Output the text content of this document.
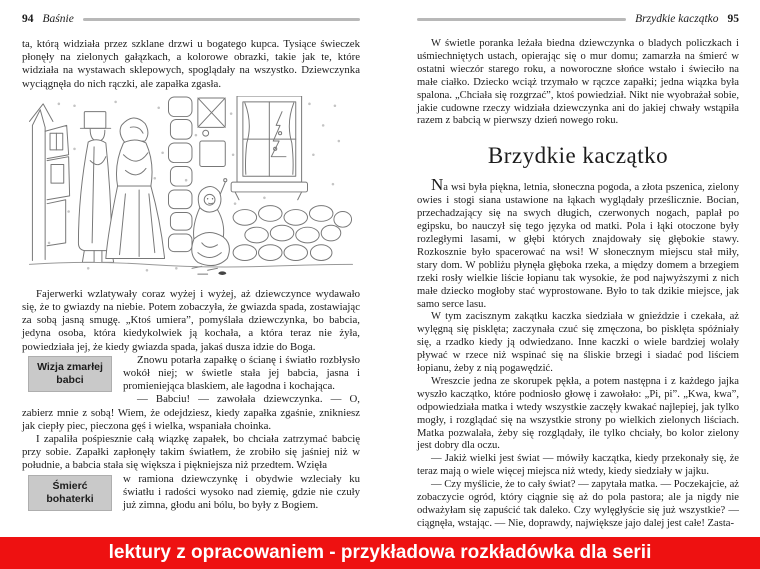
94 Baśnie

ta, którą widziała przez szklane drzwi u bogatego kupca. Tysiące świeczek płonęły na zielonych gałązkach, a kolorowe obrazki, takie jak te, które widziała na wystawach sklepowych, spoglądały na wszystko. Dziewczynka wyciągnęła do nich rączki, ale zapałka zgasła.

Fajerwerki wzlatywały coraz wyżej i wyżej, aż dziewczynce wydawało się, że to gwiazdy na niebie. Potem zobaczyła, że gwiazda spada, zostawiając za sobą jasną smugę. „Ktoś umiera”, pomyślała dziewczynka, bo babcia, jedyna osoba, która kiedykolwiek ją kochała, a która teraz nie żyła, powiedziała jej, że kiedy gwiazda spada, jakaś dusza idzie do Boga.

Wizja zmarłej babci

Znowu potarła zapałkę o ścianę i światło rozbłysło wokół niej; w świetle stała jej babcia, jasna i promieniejąca blaskiem, ale łagodna i kochająca.

— Babciu! — zawołała dziewczynka. — O, zabierz mnie z sobą! Wiem, że odejdziesz, kiedy zapałka zgaśnie, znikniesz jak ciepły piec, pieczona gęś i wielka, wspaniała choinka.

I zapaliła pośpiesznie całą wiązkę zapałek, bo chciała zatrzymać babcię przy sobie. Zapałki zapłonęły takim światłem, że zrobiło się jaśniej niż w południe, a babcia stała się większa i piękniejsza niż przedtem. Wzięła

Śmierć bohaterki

w ramiona dziewczynkę i obydwie wzleciały ku światłu i radości wysoko nad ziemię, gdzie nie czuły już zimna, głodu ani bólu, bo były z Bogiem.

Brzydkie kaczątko 95

W świetle poranka leżała biedna dziewczynka o bladych policzkach i uśmiechniętych ustach, opierając się o mur domu; zamarzła na śmierć w ostatni wieczór starego roku, a noworoczne słońce wstało i świeciło na małe ciałko. Dziecko wciąż trzymało w rączce zapałki; jedna wiązka była spalona. „Chciała się rozgrzać”, ktoś powiedział. Nikt nie wyobrażał sobie, jakie cudowne rzeczy widziała dziewczynka ani do jakiej chwały wstąpiła razem z babcią w pierwszy dzień nowego roku.

Brzydkie kaczątko

Na wsi była piękna, letnia, słoneczna pogoda, a złota pszenica, zielony owies i stogi siana ustawione na łąkach wyglądały prześlicznie. Bocian, przechadzający się na swych długich, czerwonych nogach, paplał po egipsku, bo nauczył się tego języka od matki. Pola i łąki otoczone były rozległymi lasami, w głębi których znajdowały się głębokie stawy. Rozkosznie było spacerować na wsi! W słonecznym miejscu stał miły, stary dom. W pobliżu płynęła głęboka rzeka, a między domem a brzegiem rzeki rosły wielkie liście łopianu tak wysokie, że pod najwyższymi z nich małe dziecko mogłoby stać wyprostowane. Było to tak dzikie miejsce, jak samo serce lasu.

W tym zacisznym zakątku kaczka siedziała w gnieździe i czekała, aż wylęgną się pisklęta; zaczynała czuć się zmęczona, bo pisklęta spóźniały się, a rzadko kiedy ją odwiedzano. Inne kaczki o wiele bardziej wolały pływać w rzece niż wspinać się na śliskie brzegi i siadać pod liściem łopianu, żeby z nią pogawędzić.

Wreszcie jedna ze skorupek pękła, a potem następna i z każdego jajka wyszło kaczątko, które podniosło głowę i zawołało: „Pi, pi”. „Kwa, kwa”, odpowiedziała matka i wtedy wszystkie zaczęły kwakać najlepiej, jak tylko mogły, i rozglądać się na wszystkie strony po wielkich zielonych liściach. Matka pozwalała, żeby się rozglądały, ile tylko chciały, bo kolor zielony jest dobry dla oczu.

— Jakiż wielki jest świat — mówiły kaczątka, kiedy przekonały się, że teraz mają o wiele więcej miejsca niż wtedy, kiedy siedziały w jajku.

— Czy myślicie, że to cały świat? — zapytała matka. — Poczekajcie, aż zobaczycie ogród, który ciągnie się aż do pola pastora; ale ja nigdy nie odważyłam się zapuścić tak daleko. Czy wylęgłyście się już wszystkie? — ciągnęła, wstając. — Nie, doprawdy, największe jajo dalej jest całe! Zasta-

lektury z opracowaniem - przykładowa rozkładówka dla serii
